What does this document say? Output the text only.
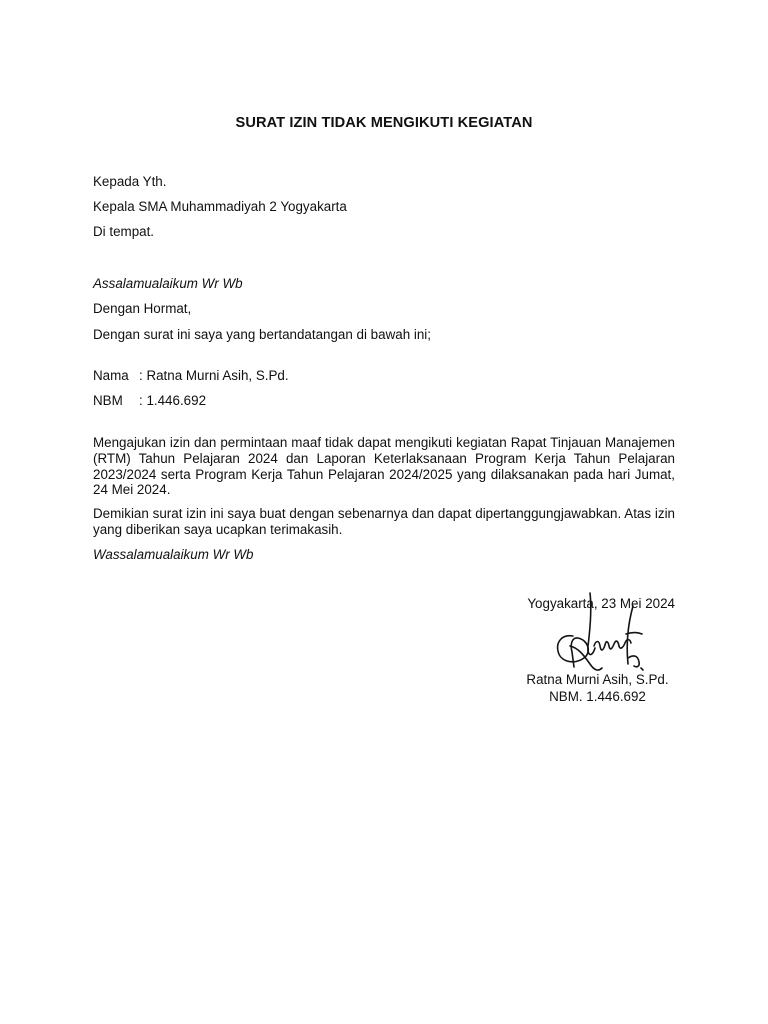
SURAT IZIN TIDAK MENGIKUTI KEGIATAN
Kepada Yth.
Kepala SMA Muhammadiyah 2 Yogyakarta
Di tempat.
Assalamualaikum Wr Wb
Dengan Hormat,
Dengan surat ini saya yang bertandatangan di bawah ini;
Nama : Ratna Murni Asih, S.Pd.
NBM : 1.446.692
Mengajukan izin dan permintaan maaf tidak dapat mengikuti kegiatan Rapat Tinjauan Manajemen (RTM) Tahun Pelajaran 2024 dan Laporan Keterlaksanaan Program Kerja Tahun Pelajaran 2023/2024 serta Program Kerja Tahun Pelajaran 2024/2025 yang dilaksanakan pada hari Jumat, 24 Mei 2024.
Demikian surat izin ini saya buat dengan sebenarnya dan dapat dipertanggungjawabkan. Atas izin yang diberikan saya ucapkan terimakasih.
Wassalamualaikum Wr Wb
Yogyakarta, 23 Mei 2024
Ratna Murni Asih, S.Pd.
NBM. 1.446.692
